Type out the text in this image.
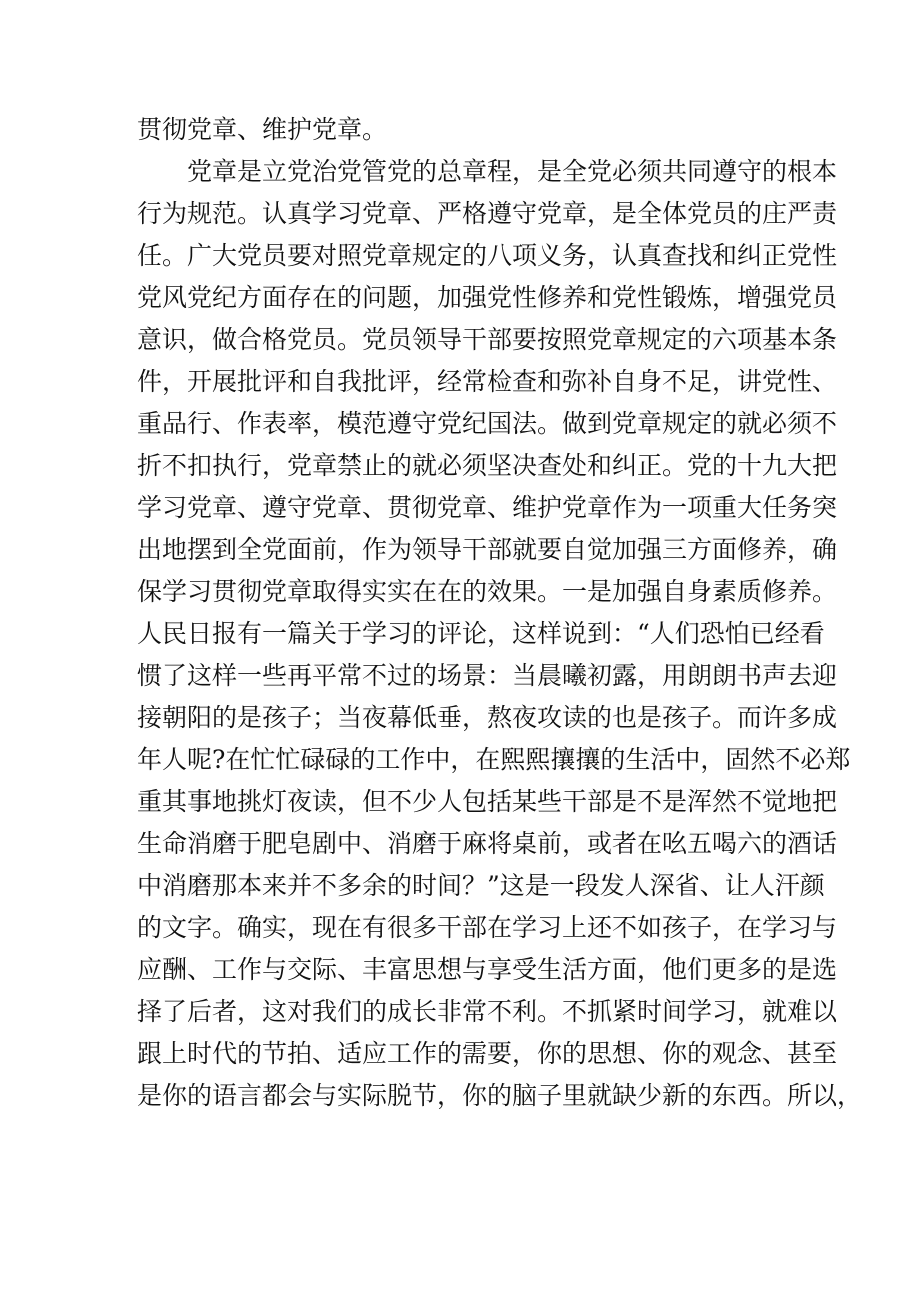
贯彻党章、维护党章。
　　党章是立党治党管党的总章程，是全党必须共同遵守的根本
行为规范。认真学习党章、严格遵守党章，是全体党员的庄严责
任。广大党员要对照党章规定的八项义务，认真查找和纠正党性
党风党纪方面存在的问题，加强党性修养和党性锻炼，增强党员
意识，做合格党员。党员领导干部要按照党章规定的六项基本条
件，开展批评和自我批评，经常检查和弥补自身不足，讲党性、
重品行、作表率，模范遵守党纪国法。做到党章规定的就必须不
折不扣执行，党章禁止的就必须坚决查处和纠正。党的十九大把
学习党章、遵守党章、贯彻党章、维护党章作为一项重大任务突
出地摆到全党面前，作为领导干部就要自觉加强三方面修养，确
保学习贯彻党章取得实实在在的效果。一是加强自身素质修养。
人民日报有一篇关于学习的评论，这样说到：“人们恐怕已经看
惯了这样一些再平常不过的场景：当晨曦初露，用朗朗书声去迎
接朝阳的是孩子；当夜幕低垂，熬夜攻读的也是孩子。而许多成
年人呢?在忙忙碌碌的工作中，在熙熙攘攘的生活中，固然不必郑
重其事地挑灯夜读，但不少人包括某些干部是不是浑然不觉地把
生命消磨于肥皂剧中、消磨于麻将桌前，或者在吆五喝六的酒话
中消磨那本来并不多余的时间？”这是一段发人深省、让人汗颜
的文字。确实，现在有很多干部在学习上还不如孩子，在学习与
应酬、工作与交际、丰富思想与享受生活方面，他们更多的是选
择了后者，这对我们的成长非常不利。不抓紧时间学习，就难以
跟上时代的节拍、适应工作的需要，你的思想、你的观念、甚至
是你的语言都会与实际脱节，你的脑子里就缺少新的东西。所以，
